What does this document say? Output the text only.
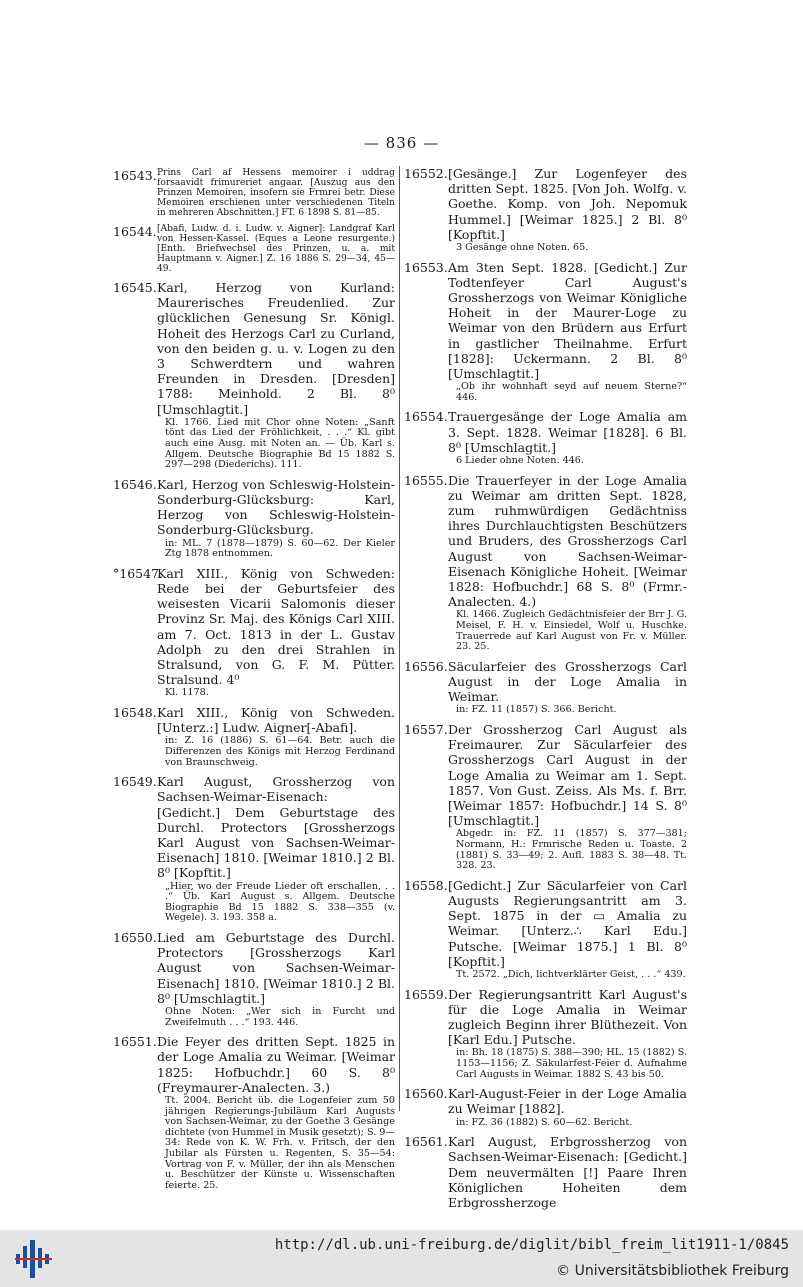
— 836 —
16543. Prins Carl af Hessens memoirer i uddrag forsaavidt frimureriet angaar. [Auszug aus den Prinzen Memoiren, insofern sie Frmrei betr. Diese Memoiren erschienen unter verschiedenen Titeln in mehreren Abschnitten.] FT. 6 1898 S. 81—85.
16544. [Abafi, Ludw. d. i. Ludw. v. Aigner]: Landgraf Karl von Hessen-Kassel. (Eques a Leone resurgente.) [Enth. Briefwechsel des Prinzen, u. a. mit Hauptmann v. Aigner.] Z. 16 1886 S. 29—34, 45—49.
16545. Karl, Herzog von Kurland: Maurerisches Freudenlied. Zur glücklichen Genesung Sr. Königl. Hoheit des Herzogs Carl zu Curland, von den beiden g. u. v. Logen zu den 3 Schwerdtern und wahren Freunden in Dresden. [Dresden] 1788: Meinhold. 2 Bl. 8⁰ [Umschlagtit.]
Kl. 1766. Lied mit Chor ohne Noten: „Sanft tönt das Lied der Fröhlichkeit, . . .“ Kl. gibt auch eine Ausg. mit Noten an. — Üb. Karl s. Allgem. Deutsche Biographie Bd 15 1882 S. 297—298 (Diederichs). 111.
16546. Karl, Herzog von Schleswig-Holstein-Sonderburg-Glücksburg: Karl, Herzog von Schleswig-Holstein-Sonderburg-Glücksburg.
in: ML. 7 (1878—1879) S. 60—62. Der Kieler Ztg 1878 entnommen.
°16547.
Karl XIII., König von Schweden: Rede bei der Geburtsfeier des weisesten Vicarii Salomonis dieser Provinz Sr. Maj. des Königs Carl XIII. am 7. Oct. 1813 in der L. Gustav Adolph zu den drei Strahlen in Stralsund, von G. F. M. Pütter. Stralsund. 4⁰
Kl. 1178.
16548. Karl XIII., König von Schweden. [Unterz.:] Ludw. Aigner[-Abafi].
in: Z. 16 (1886) S. 61—64. Betr. auch die Differenzen des Königs mit Herzog Ferdinand von Braunschweig.
16549. Karl August, Grossherzog von Sachsen-Weimar-Eisenach: [Gedicht.] Dem Geburtstage des Durchl. Protectors [Grossherzogs Karl August von Sachsen-Weimar-Eisenach] 1810. [Weimar 1810.] 2 Bl. 8⁰ [Kopftit.]
„Hier, wo der Freude Lieder oft erschallen, . . .“ Üb. Karl August s. Allgem. Deutsche Biographie Bd 15 1882 S. 338—355 (v. Wegele). 3. 193. 358 a.
16550. Lied am Geburtstage des Durchl. Protectors [Grossherzogs Karl August von Sachsen-Weimar-Eisenach] 1810. [Weimar 1810.] 2 Bl. 8⁰ [Umschlagtit.]
Ohne Noten: „Wer sich in Furcht und Zweifelmuth . . .“ 193. 446.
16551. Die Feyer des dritten Sept. 1825 in der Loge Amalia zu Weimar. [Weimar 1825: Hofbuchdr.] 60 S. 8⁰ (Freymaurer-Analecten. 3.)
Tt. 2004. Bericht üb. die Logenfeier zum 50 jährigen Regierungs-Jubiläum Karl Augusts von Sachsen-Weimar, zu der Goethe 3 Gesänge dichtete (von Hummel in Musik gesetzt); S. 9—34: Rede von K. W. Frh. v. Fritsch, der den Jubilar als Fürsten u. Regenten, S. 35—54: Vortrag von F. v. Müller, der ihn als Menschen u. Beschützer der Künste u. Wissenschaften feierte. 25.
16552. [Gesänge.] Zur Logenfeyer des dritten Sept. 1825. [Von Joh. Wolfg. v. Goethe. Komp. von Joh. Nepomuk Hummel.] [Weimar 1825.] 2 Bl. 8⁰ [Kopftit.]
3 Gesänge ohne Noten. 65.
16553. Am 3ten Sept. 1828. [Gedicht.] Zur Todtenfeyer Carl August's Grossherzogs von Weimar Königliche Hoheit in der Maurer-Loge zu Weimar von den Brüdern aus Erfurt in gastlicher Theilnahme. Erfurt [1828]: Uckermann. 2 Bl. 8⁰ [Umschlagtit.]
„Ob ihr wohnhaft seyd auf neuem Sterne?“ 446.
16554. Trauergesänge der Loge Amalia am 3. Sept. 1828. Weimar [1828]. 6 Bl. 8⁰ [Umschlagtit.]
6 Lieder ohne Noten. 446.
16555. Die Trauerfeyer in der Loge Amalia zu Weimar am dritten Sept. 1828, zum ruhmwürdigen Gedächtniss ihres Durchlauchtigsten Beschützers und Bruders, des Grossherzogs Carl August von Sachsen-Weimar-Eisenach Königliche Hoheit. [Weimar 1828: Hofbuchdr.] 68 S. 8⁰ (Frmr.-Analecten. 4.)
Kl. 1466. Zugleich Gedächtnisfeier der Brr J. G. Meisel, F. H. v. Einsiedel, Wolf u. Huschke. Trauerrede auf Karl August von Fr. v. Müller. 23. 25.
16556. Säcularfeier des Grossherzogs Carl August in der Loge Amalia in Weimar.
in: FZ. 11 (1857) S. 366. Bericht.
16557. Der Grossherzog Carl August als Freimaurer. Zur Säcularfeier des Grossherzogs Carl August in der Loge Amalia zu Weimar am 1. Sept. 1857. Von Gust. Zeiss. Als Ms. f. Brr. [Weimar 1857: Hofbuchdr.] 14 S. 8⁰ [Umschlagtit.]
Abgedr. in: FZ. 11 (1857) S. 377—381; Normann, H.: Frmrische Reden u. Toaste. 2 (1881) S. 33—49; 2. Aufl. 1883 S. 38—48. Tt. 328. 23.
16558. [Gedicht.] Zur Säcularfeier von Carl Augusts Regierungsantritt am 3. Sept. 1875 in der ▭ Amalia zu Weimar. [Unterz.∴ Karl Edu.] Putsche. [Weimar 1875.] 1 Bl. 8⁰ [Kopftit.]
Tt. 2572. „Dich, lichtverklärter Geist, . . .“ 439.
16559. Der Regierungsantritt Karl August's für die Loge Amalia in Weimar zugleich Beginn ihrer Blüthezeit. Von [Karl Edu.] Putsche.
in: Bh. 18 (1875) S. 388—390; HL. 15 (1882) S. 1153—1156; Z. Säkularfest-Feier d. Aufnahme Carl Augusts in Weimar. 1882 S. 43 bis 50.
16560. Karl-August-Feier in der Loge Amalia zu Weimar [1882].
in: FZ. 36 (1882) S. 60—62. Bericht.
16561. Karl August, Erbgrossherzog von Sachsen-Weimar-Eisenach: [Gedicht.] Dem neuvermälten [!] Paare Ihren Königlichen Hoheiten dem Erbgrossherzoge
http://dl.ub.uni-freiburg.de/diglit/bibl_freim_lit1911-1/0845
© Universitätsbibliothek Freiburg
